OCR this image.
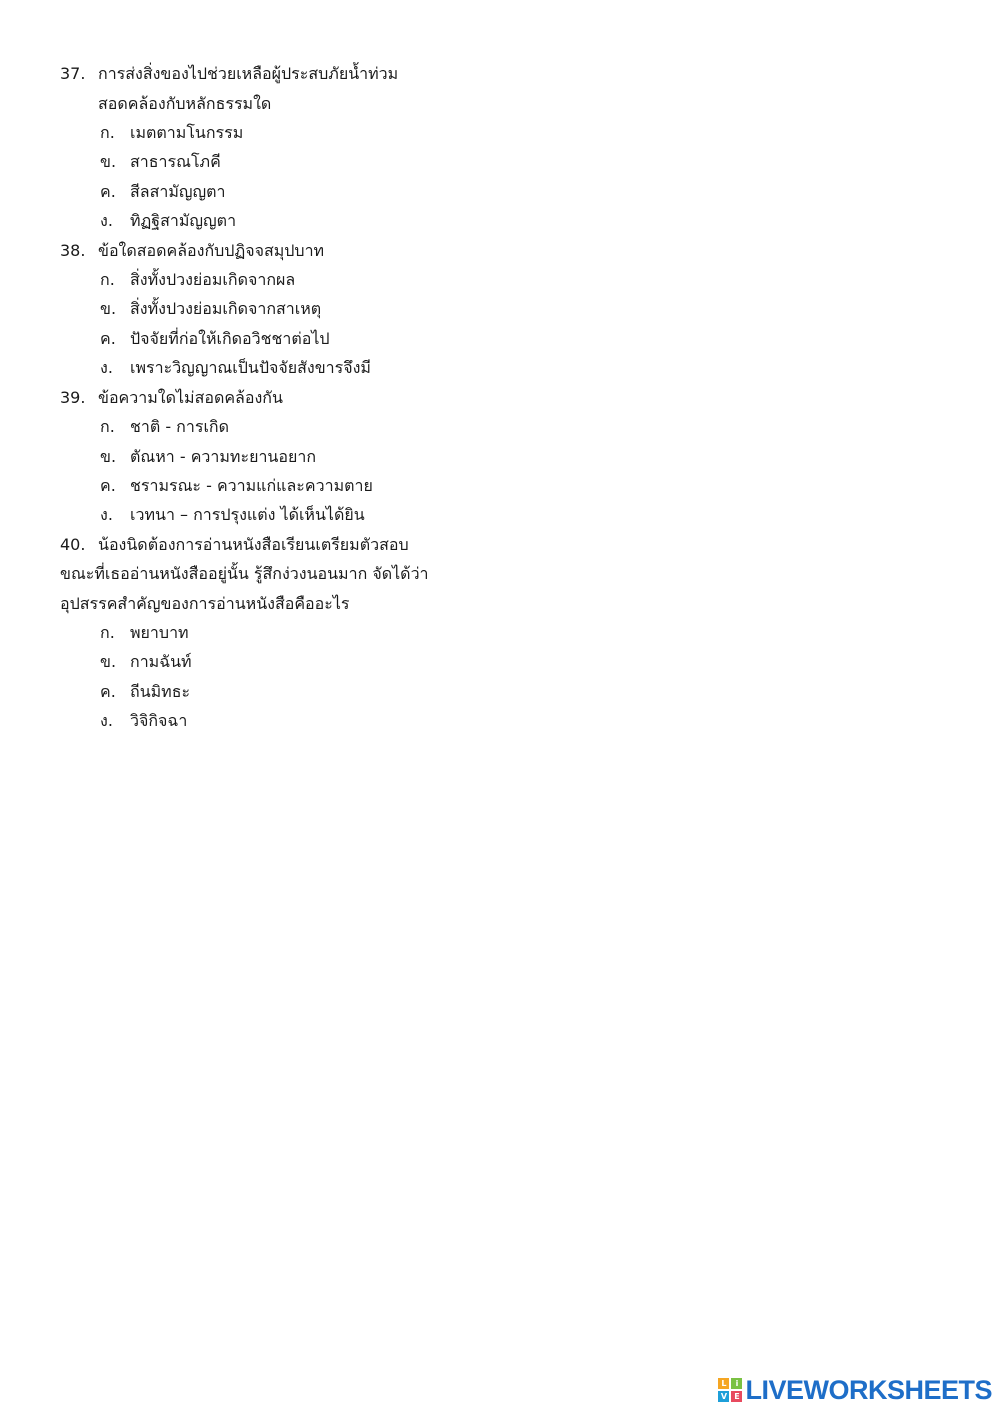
37. การส่งสิ่งของไปช่วยเหลือผู้ประสบภัยน้ำท่วม
สอดคล้องกับหลักธรรมใด
ก. เมตตามโนกรรม
ข. สาธารณโภคี
ค. สีลสามัญญตา
ง. ทิฏฐิสามัญญตา
38. ข้อใดสอดคล้องกับปฏิจจสมุปบาท
ก. สิ่งทั้งปวงย่อมเกิดจากผล
ข. สิ่งทั้งปวงย่อมเกิดจากสาเหตุ
ค. ปัจจัยที่ก่อให้เกิดอวิชชาต่อไป
ง. เพราะวิญญาณเป็นปัจจัยสังขารจึงมี
39. ข้อความใดไม่สอดคล้องกัน
ก. ชาติ - การเกิด
ข. ตัณหา - ความทะยานอยาก
ค. ชรามรณะ - ความแก่และความตาย
ง. เวทนา – การปรุงแต่ง ได้เห็นได้ยิน
40. น้องนิดต้องการอ่านหนังสือเรียนเตรียมตัวสอบ
ขณะที่เธออ่านหนังสืออยู่นั้น รู้สึกง่วงนอนมาก จัดได้ว่า
อุปสรรคสำคัญของการอ่านหนังสือคืออะไร
ก. พยาบาท
ข. กามฉันท์
ค. ถีนมิทธะ
ง. วิจิกิจฉา
L	i
V E LIVEWORKSHEETS
